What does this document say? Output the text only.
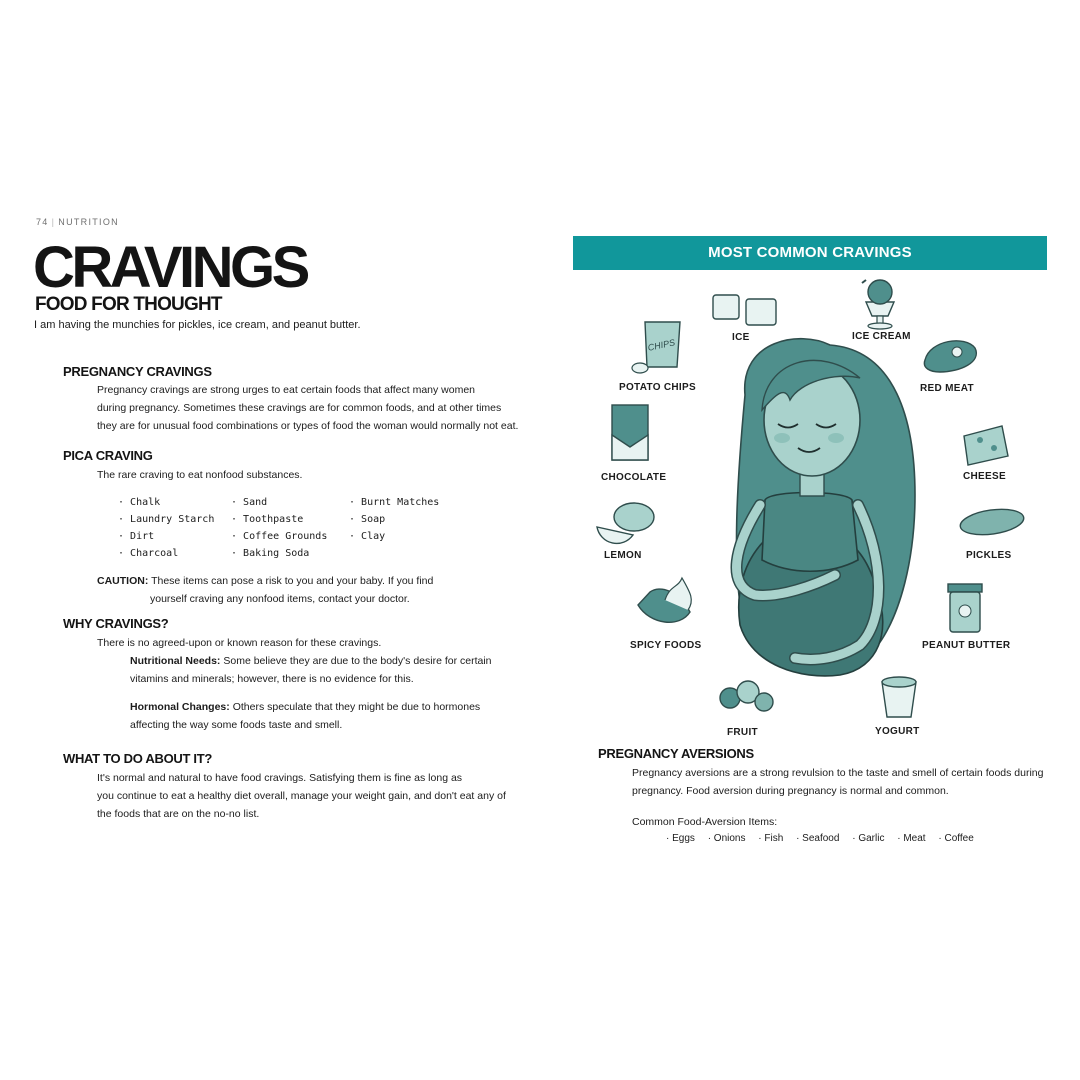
74 | NUTRITION
CRAVINGS
FOOD FOR THOUGHT
I am having the munchies for pickles, ice cream, and peanut butter.
PREGNANCY CRAVINGS
Pregnancy cravings are strong urges to eat certain foods that affect many women
during pregnancy. Sometimes these cravings are for common foods, and at other times
they are for unusual food combinations or types of food the woman would normally not eat.
PICA CRAVING
The rare craving to eat nonfood substances.
· Chalk
· Laundry Starch
· Dirt
· Charcoal
· Sand
· Toothpaste
· Coffee Grounds
· Baking Soda
· Burnt Matches
· Soap
· Clay
CAUTION: These items can pose a risk to you and your baby. If you find
yourself craving any nonfood items, contact your doctor.
WHY CRAVINGS?
There is no agreed-upon or known reason for these cravings.
Nutritional Needs: Some believe they are due to the body's desire for certain
vitamins and minerals; however, there is no evidence for this.
Hormonal Changes: Others speculate that they might be due to hormones
affecting the way some foods taste and smell.
WHAT TO DO ABOUT IT?
It's normal and natural to have food cravings. Satisfying them is fine as long as
you continue to eat a healthy diet overall, manage your weight gain, and don't eat any of
the foods that are on the no-no list.
MOST COMMON CRAVINGS
CHIPS	ICE	ICE CREAM
POTATO CHIPS	RED MEAT
CHOCOLATE	CHEESE
LEMON	PICKLES
SPICY FOODS	PEANUT BUTTER
FRUIT	YOGURT
PREGNANCY AVERSIONS
Pregnancy aversions are a strong revulsion to the taste and smell of certain foods during
pregnancy. Food aversion during pregnancy is normal and common.
Common Food-Aversion Items:
· Eggs · Onions · Fish · Seafood · Garlic · Meat · Coffee
